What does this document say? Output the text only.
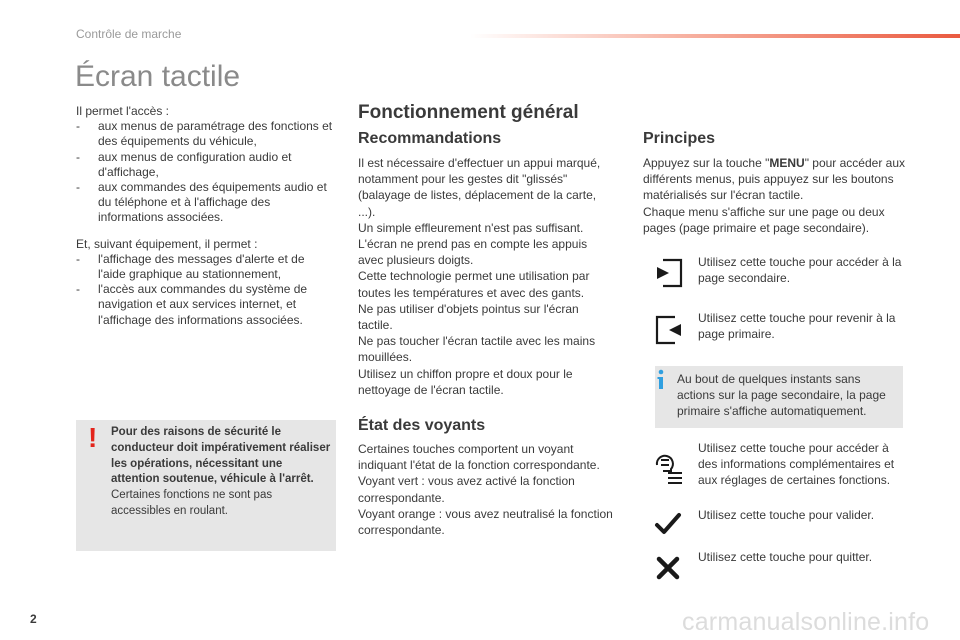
Contrôle de marche
Écran tactile
Il permet l'accès :
- aux menus de paramétrage des fonctions et des équipements du véhicule,
- aux menus de configuration audio et d'affichage,
- aux commandes des équipements audio et du téléphone et à l'affichage des informations associées.
Et, suivant équipement, il permet :
- l'affichage des messages d'alerte et de l'aide graphique au stationnement,
- l'accès aux commandes du système de navigation et aux services internet, et l'affichage des informations associées.
! Pour des raisons de sécurité le conducteur doit impérativement réaliser les opérations, nécessitant une attention soutenue, véhicule à l'arrêt.
Certaines fonctions ne sont pas accessibles en roulant.
Fonctionnement général
Recommandations
Il est nécessaire d'effectuer un appui marqué, notamment pour les gestes dit "glissés" (balayage de listes, déplacement de la carte, ...).
Un simple effleurement n'est pas suffisant.
L'écran ne prend pas en compte les appuis avec plusieurs doigts.
Cette technologie permet une utilisation par toutes les températures et avec des gants.
Ne pas utiliser d'objets pointus sur l'écran tactile.
Ne pas toucher l'écran tactile avec les mains mouillées.
Utilisez un chiffon propre et doux pour le nettoyage de l'écran tactile.
État des voyants
Certaines touches comportent un voyant indiquant l'état de la fonction correspondante.
Voyant vert : vous avez activé la fonction correspondante.
Voyant orange : vous avez neutralisé la fonction correspondante.
Principes
Appuyez sur la touche "MENU" pour accéder aux différents menus, puis appuyez sur les boutons matérialisés sur l'écran tactile.
Chaque menu s'affiche sur une page ou deux pages (page primaire et page secondaire).
Utilisez cette touche pour accéder à la page secondaire.
Utilisez cette touche pour revenir à la page primaire.
Au bout de quelques instants sans actions sur la page secondaire, la page primaire s'affiche automatiquement.
Utilisez cette touche pour accéder à des informations complémentaires et aux réglages de certaines fonctions.
Utilisez cette touche pour valider.
Utilisez cette touche pour quitter.
2	carmanualsonline.info
